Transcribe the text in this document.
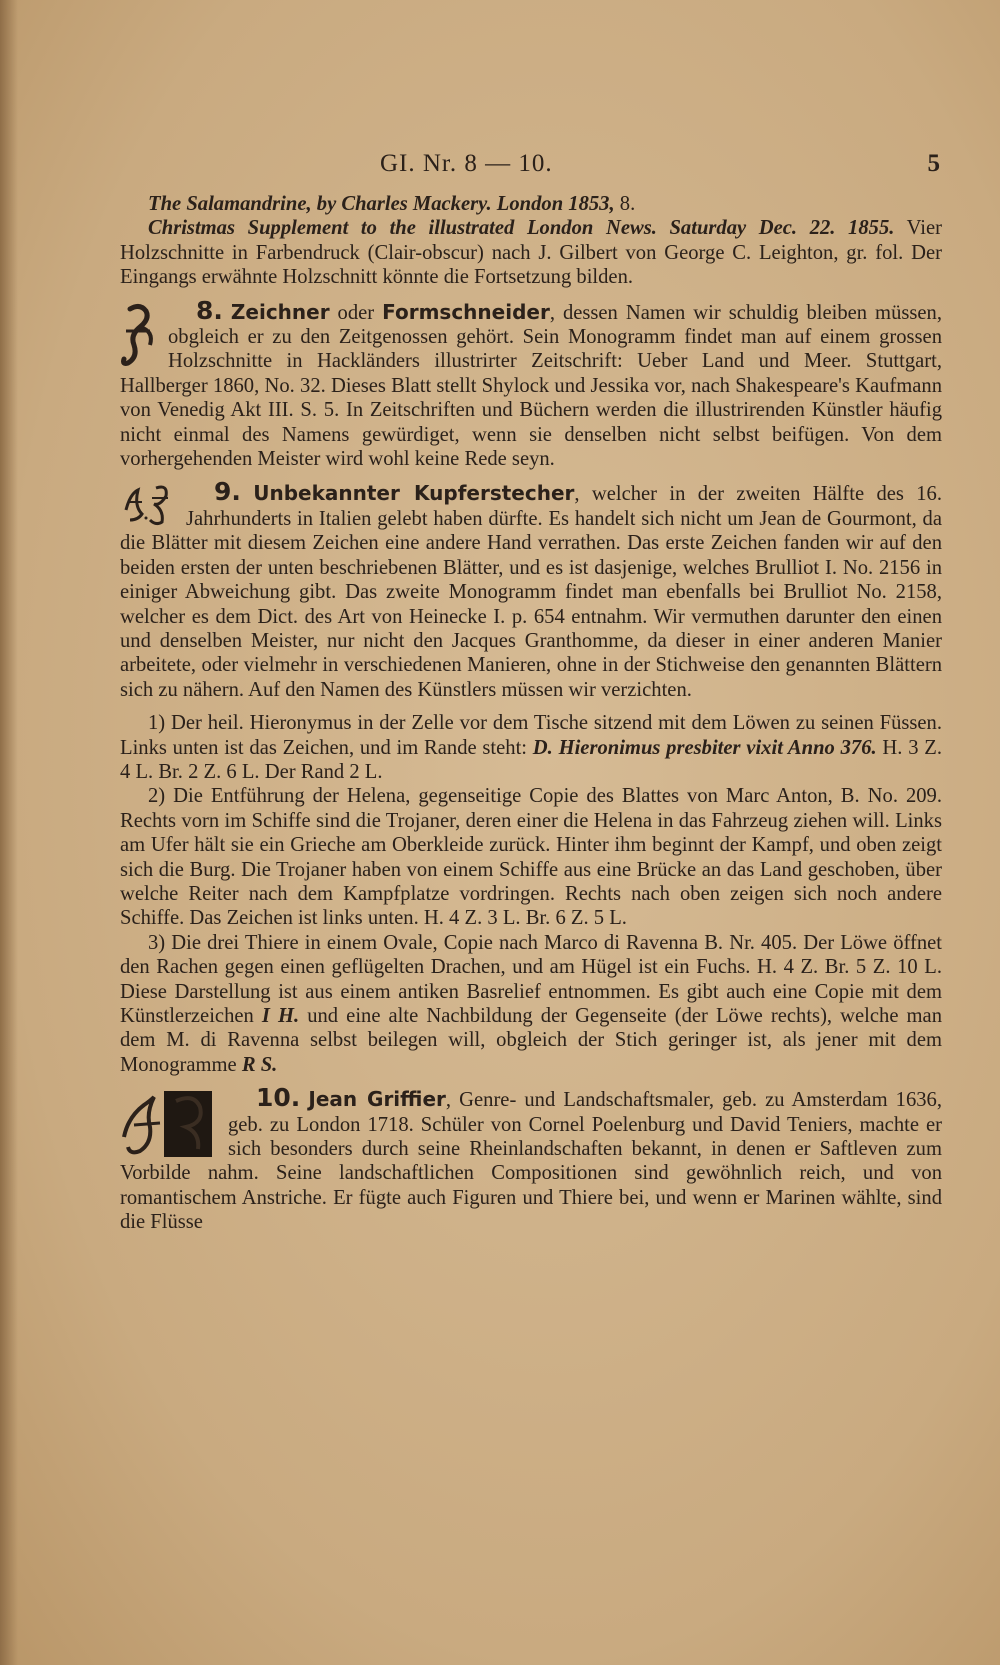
GI. Nr. 8 — 10.	5

The Salamandrine, by Charles Mackery. London 1853, 8.

Christmas Supplement to the illustrated London News. Saturday Dec. 22. 1855. Vier Holzschnitte in Farbendruck (Clair-obscur) nach J. Gilbert von George C. Leighton, gr. fol. Der Eingangs erwähnte Holzschnitt könnte die Fortsetzung bilden.

8. Zeichner oder Formschneider
, dessen Namen wir schuldig bleiben müssen, obgleich er zu den Zeitgenossen gehört. Sein Monogramm findet man auf einem grossen Holzschnitte in Hackländers illustrirter Zeitschrift: Ueber Land und Meer. Stuttgart, Hallberger 1860, No. 32. Dieses Blatt stellt Shylock und Jessika vor, nach Shakespeare's Kaufmann von Venedig Akt III. S. 5. In Zeitschriften und Büchern werden die illustrirenden Künstler häufig nicht einmal des Namens gewürdiget, wenn sie denselben nicht selbst beifügen. Von dem vorhergehenden Meister wird wohl keine Rede seyn.

9. Unbekannter Kupferstecher
, welcher in der zweiten Hälfte des 16. Jahrhunderts in Italien gelebt haben dürfte. Es handelt sich nicht um Jean de Gourmont, da die Blätter mit diesem Zeichen eine andere Hand verrathen. Das erste Zeichen fanden wir auf den beiden ersten der unten beschriebenen Blätter, und es ist dasjenige, welches Brulliot I. No. 2156 in einiger Abweichung gibt. Das zweite Monogramm findet man ebenfalls bei Brulliot No. 2158, welcher es dem Dict. des Art von Heinecke I. p. 654 entnahm. Wir vermuthen darunter den einen und denselben Meister, nur nicht den Jacques Granthomme, da dieser in einer anderen Manier arbeitete, oder vielmehr in verschiedenen Manieren, ohne in der Stichweise den genannten Blättern sich zu nähern. Auf den Namen des Künstlers müssen wir verzichten.

1) Der heil. Hieronymus in der Zelle vor dem Tische sitzend mit dem Löwen zu seinen Füssen. Links unten ist das Zeichen, und im Rande steht: D. Hieronimus presbiter vixit Anno 376. H. 3 Z. 4 L. Br. 2 Z. 6 L. Der Rand 2 L.

2) Die Entführung der Helena, gegenseitige Copie des Blattes von Marc Anton, B. No. 209. Rechts vorn im Schiffe sind die Trojaner, deren einer die Helena in das Fahrzeug ziehen will. Links am Ufer hält sie ein Grieche am Oberkleide zurück. Hinter ihm beginnt der Kampf, und oben zeigt sich die Burg. Die Trojaner haben von einem Schiffe aus eine Brücke an das Land geschoben, über welche Reiter nach dem Kampfplatze vordringen. Rechts nach oben zeigen sich noch andere Schiffe. Das Zeichen ist links unten. H. 4 Z. 3 L. Br. 6 Z. 5 L.

3) Die drei Thiere in einem Ovale, Copie nach Marco di Ravenna B. Nr. 405. Der Löwe öffnet den Rachen gegen einen geflügelten Drachen, und am Hügel ist ein Fuchs. H. 4 Z. Br. 5 Z. 10 L. Diese Darstellung ist aus einem antiken Basrelief entnommen. Es gibt auch eine Copie mit dem Künstlerzeichen I H. und eine alte Nachbildung der Gegenseite (der Löwe rechts), welche man dem M. di Ravenna selbst beilegen will, obgleich der Stich geringer ist, als jener mit dem Monogramme R S.

10. Jean Griffier
, Genre- und Landschaftsmaler, geb. zu Amsterdam 1636, geb. zu London 1718. Schüler von Cornel Poelenburg und David Teniers, machte er sich besonders durch seine Rheinlandschaften bekannt, in denen er Saftleven zum Vorbilde nahm. Seine landschaftlichen Compositionen sind gewöhnlich reich, und von romantischem Anstriche. Er fügte auch Figuren und Thiere bei, und wenn er Marinen wählte, sind die Flüsse
